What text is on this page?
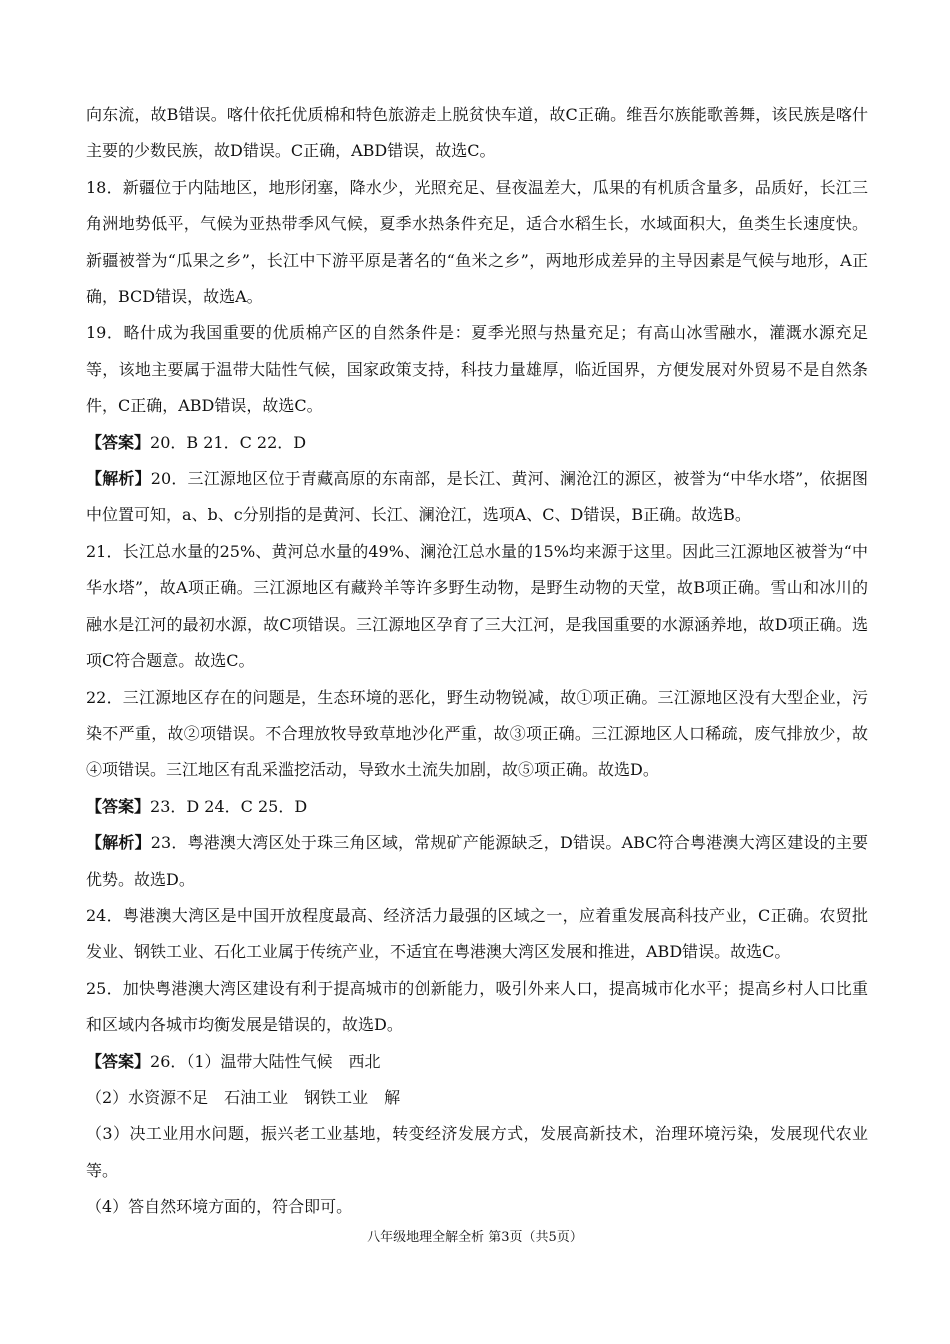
向东流，故B错误。喀什依托优质棉和特色旅游走上脱贫快车道，故C正确。维吾尔族能歌善舞，该民族是喀什主要的少数民族，故D错误。C正确，ABD错误，故选C。

18．新疆位于内陆地区，地形闭塞，降水少，光照充足、昼夜温差大，瓜果的有机质含量多，品质好，长江三角洲地势低平，气候为亚热带季风气候，夏季水热条件充足，适合水稻生长，水域面积大，鱼类生长速度快。新疆被誉为“瓜果之乡”，长江中下游平原是著名的“鱼米之乡”，两地形成差异的主导因素是气候与地形，A正确，BCD错误，故选A。

19．略什成为我国重要的优质棉产区的自然条件是：夏季光照与热量充足；有高山冰雪融水，灌溉水源充足等，该地主要属于温带大陆性气候，国家政策支持，科技力量雄厚，临近国界，方便发展对外贸易不是自然条件，C正确，ABD错误，故选C。

【答案】20．B 21．C 22．D

【解析】20．三江源地区位于青藏高原的东南部，是长江、黄河、澜沧江的源区，被誉为“中华水塔”，依据图中位置可知，a、b、c分别指的是黄河、长江、澜沧江，选项A、C、D错误，B正确。故选B。

21．长江总水量的25%、黄河总水量的49%、澜沧江总水量的15%均来源于这里。因此三江源地区被誉为“中华水塔”，故A项正确。三江源地区有藏羚羊等许多野生动物，是野生动物的天堂，故B项正确。雪山和冰川的融水是江河的最初水源，故C项错误。三江源地区孕育了三大江河，是我国重要的水源涵养地，故D项正确。选项C符合题意。故选C。

22．三江源地区存在的问题是，生态环境的恶化，野生动物锐减，故①项正确。三江源地区没有大型企业，污染不严重，故②项错误。不合理放牧导致草地沙化严重，故③项正确。三江源地区人口稀疏，废气排放少，故④项错误。三江地区有乱采滥挖活动，导致水土流失加剧，故⑤项正确。故选D。

【答案】23．D 24．C 25．D

【解析】23．粤港澳大湾区处于珠三角区域，常规矿产能源缺乏，D错误。ABC符合粤港澳大湾区建设的主要优势。故选D。

24．粤港澳大湾区是中国开放程度最高、经济活力最强的区域之一，应着重发展高科技产业，C正确。农贸批发业、钢铁工业、石化工业属于传统产业，不适宜在粤港澳大湾区发展和推进，ABD错误。故选C。

25．加快粤港澳大湾区建设有利于提高城市的创新能力，吸引外来人口，提高城市化水平；提高乡村人口比重和区域内各城市均衡发展是错误的，故选D。

【答案】26．（1）温带大陆性气候　西北

（2）水资源不足　石油工业　钢铁工业　解

（3）决工业用水问题，振兴老工业基地，转变经济发展方式，发展高新技术，治理环境污染，发展现代农业等。

（4）答自然环境方面的，符合即可。

八年级地理全解全析 第3页（共5页）
